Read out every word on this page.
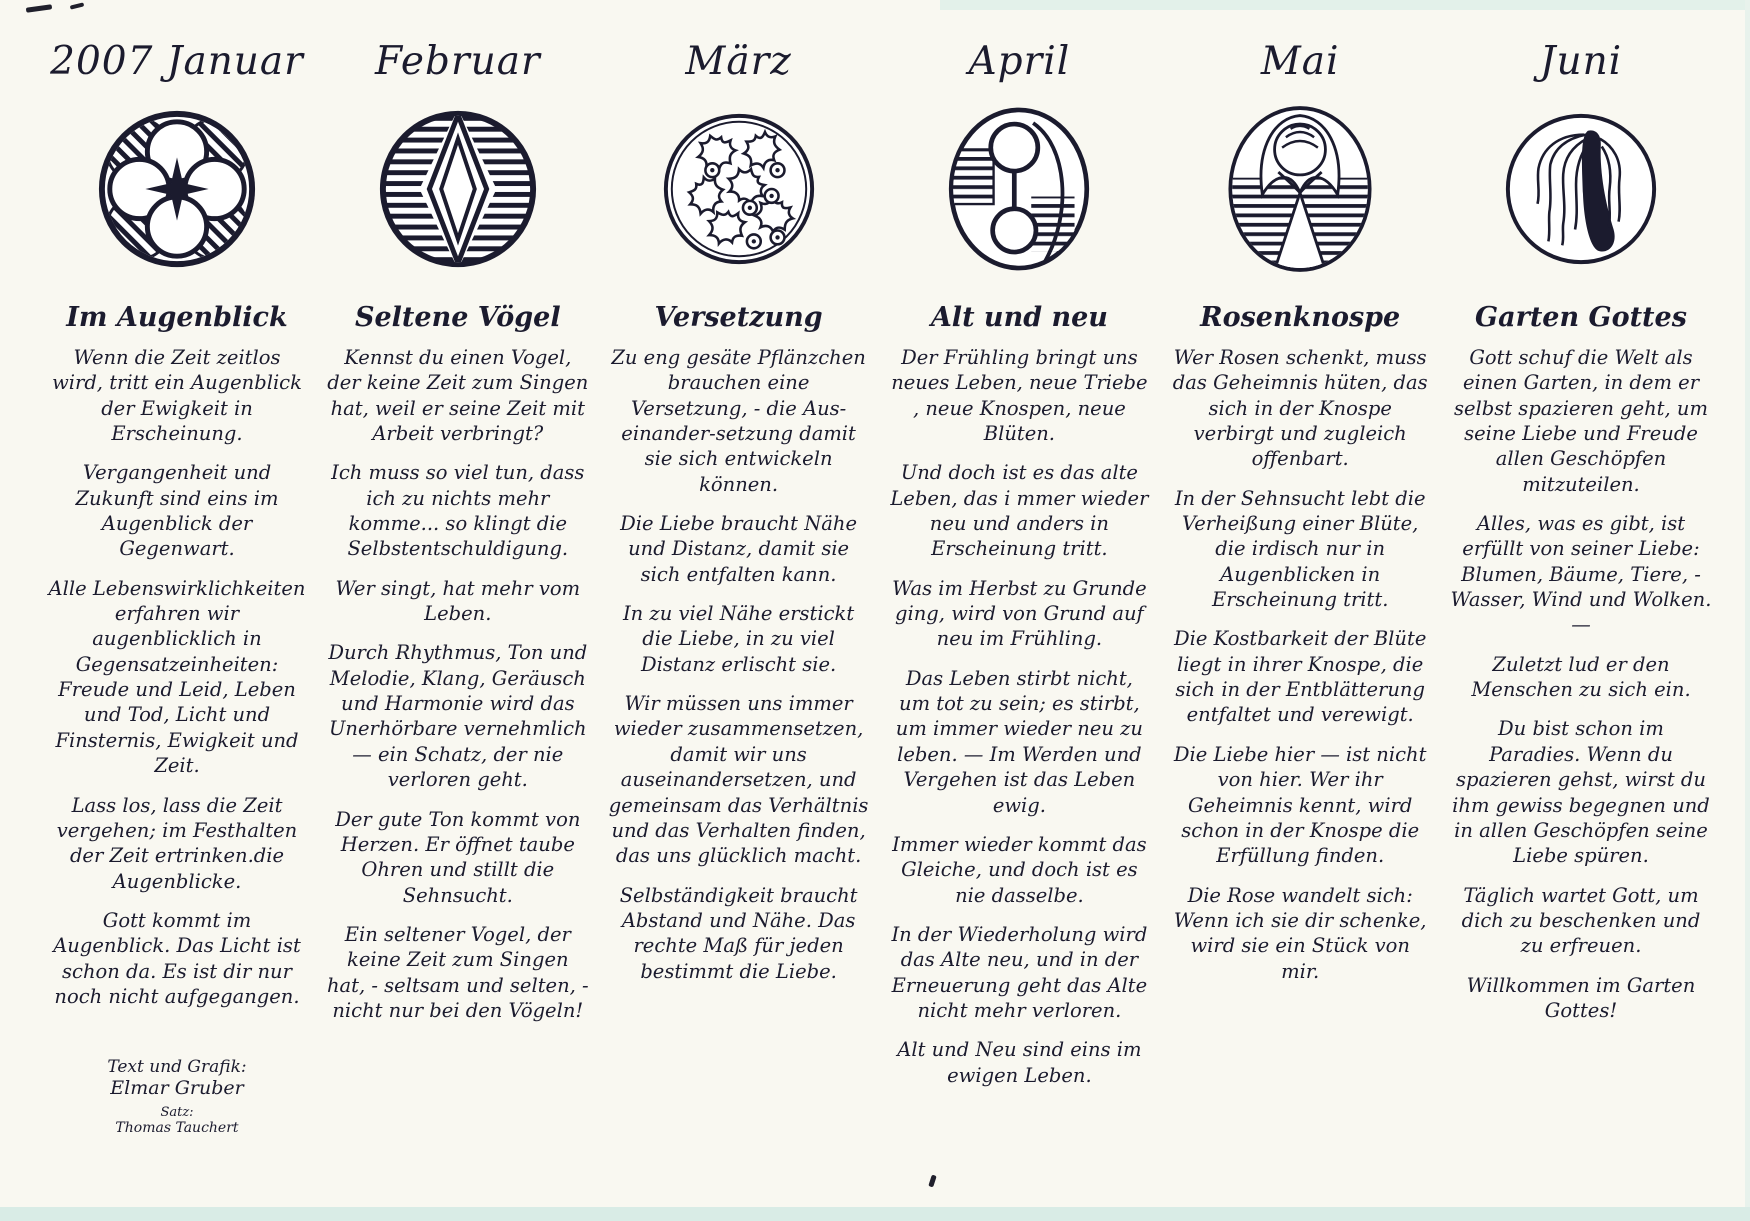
2007 Januar
Im Augenblick

Wenn die Zeit zeitlos wird, tritt ein Augenblick der Ewigkeit in Erscheinung.

Vergangenheit und Zukunft sind eins im Augenblick der Gegenwart.

Alle Lebenswirklichkeiten erfahren wir augenblicklich in Gegensatzeinheiten: Freude und Leid, Leben und Tod, Licht und Finsternis, Ewigkeit und Zeit.

Lass los, lass die Zeit vergehen; im Festhalten der Zeit ertrinken.die Augenblicke.

Gott kommt im Augenblick. Das Licht ist schon da. Es ist dir nur noch nicht aufgegangen.

Text und Grafik:

Elmar Gruber

Satz:

Thomas Tauchert

Februar
Seltene Vögel

Kennst du einen Vogel, der keine Zeit zum Singen hat, weil er seine Zeit mit Arbeit verbringt?

Ich muss so viel tun, dass ich zu nichts mehr komme... so klingt die Selbstentschuldigung.

Wer singt, hat mehr vom Leben.

Durch Rhythmus, Ton und Melodie, Klang, Geräusch und Harmonie wird das Unerhörbare vernehmlich — ein Schatz, der nie verloren geht.

Der gute Ton kommt von Herzen. Er öffnet taube Ohren und stillt die Sehnsucht.

Ein seltener Vogel, der keine Zeit zum Singen hat, - seltsam und selten, - nicht nur bei den Vögeln!

März
Versetzung

Zu eng gesäte Pflänzchen brauchen eine Versetzung, - die Aus- einander-setzung damit sie sich entwickeln können.

Die Liebe braucht Nähe und Distanz, damit sie sich entfalten kann.

In zu viel Nähe erstickt die Liebe, in zu viel Distanz erlischt sie.

Wir müssen uns immer wieder zusammensetzen, damit wir uns auseinandersetzen, und gemeinsam das Verhältnis und das Verhalten finden, das uns glücklich macht.

Selbständigkeit braucht Abstand und Nähe. Das rechte Maß für jeden bestimmt die Liebe.

April
Alt und neu

Der Frühling bringt uns neues Leben, neue Triebe , neue Knospen, neue Blüten.

Und doch ist es das alte Leben, das i mmer wieder neu und anders in Erscheinung tritt.

Was im Herbst zu Grunde ging, wird von Grund auf neu im Frühling.

Das Leben stirbt nicht, um tot zu sein; es stirbt, um immer wieder neu zu leben. — Im Werden und Vergehen ist das Leben ewig.

Immer wieder kommt das Gleiche, und doch ist es nie dasselbe.

In der Wiederholung wird das Alte neu, und in der Erneuerung geht das Alte nicht mehr verloren.

Alt und Neu sind eins im ewigen Leben.

Mai
Rosenknospe

Wer Rosen schenkt, muss das Geheimnis hüten, das sich in der Knospe verbirgt und zugleich offenbart.

In der Sehnsucht lebt die Verheißung einer Blüte, die irdisch nur in Augenblicken in Erscheinung tritt.

Die Kostbarkeit der Blüte liegt in ihrer Knospe, die sich in der Entblätterung entfaltet und verewigt.

Die Liebe hier — ist nicht von hier. Wer ihr Geheimnis kennt, wird schon in der Knospe die Erfüllung finden.

Die Rose wandelt sich: Wenn ich sie dir schenke, wird sie ein Stück von mir.

Juni
Garten Gottes

Gott schuf die Welt als einen Garten, in dem er selbst spazieren geht, um seine Liebe und Freude allen Geschöpfen mitzuteilen.

Alles, was es gibt, ist erfüllt von seiner Liebe: Blumen, Bäume, Tiere, - Wasser, Wind und Wolken. —

Zuletzt lud er den Menschen zu sich ein.

Du bist schon im Paradies. Wenn du spazieren gehst, wirst du ihm gewiss begegnen und in allen Geschöpfen seine Liebe spüren.

Täglich wartet Gott, um dich zu beschenken und zu erfreuen.

Willkommen im Garten Gottes!
